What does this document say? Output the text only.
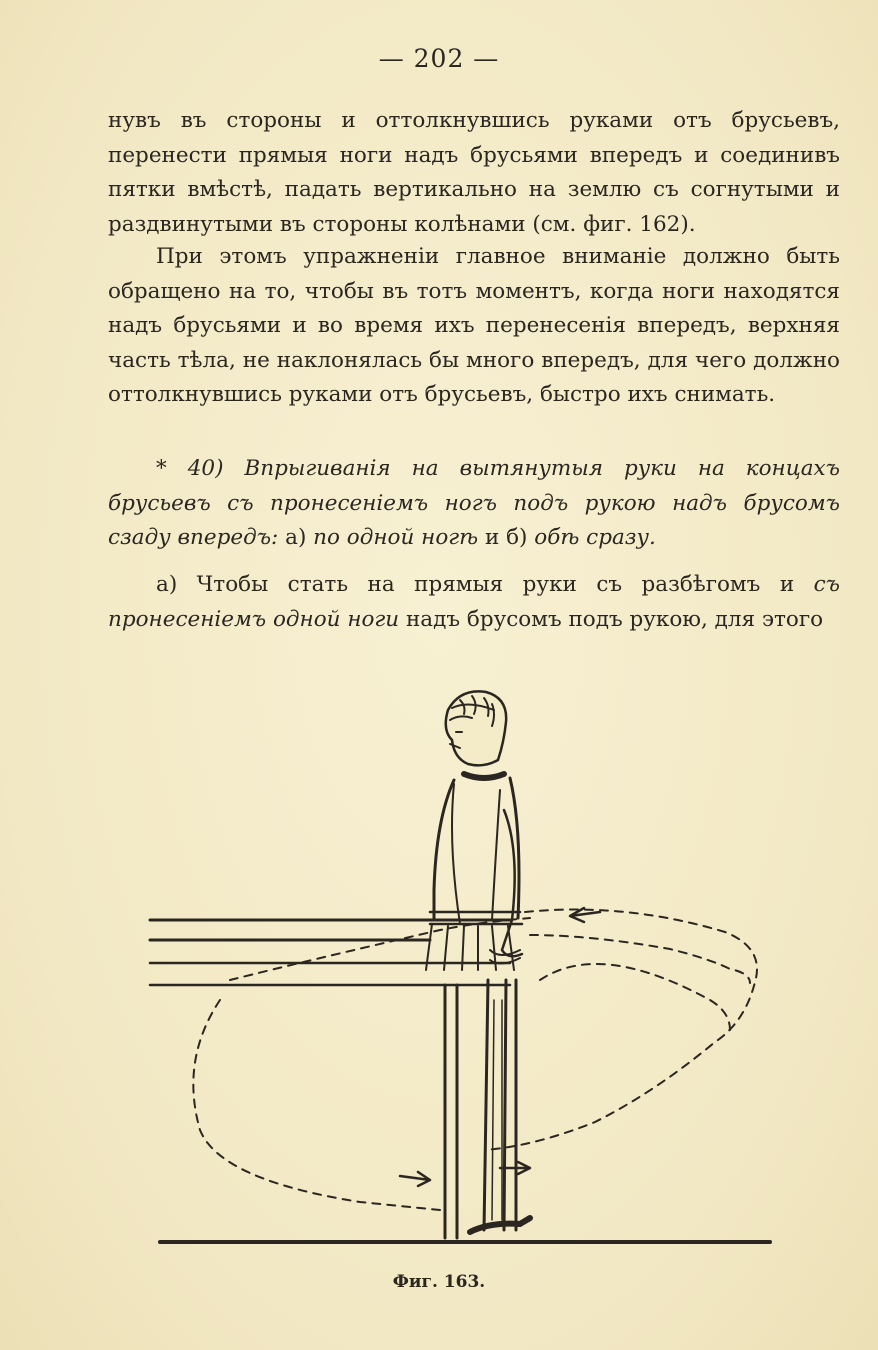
— 202 —

нувъ въ стороны и оттолкнувшись руками отъ брусьевъ, перенести прямыя ноги надъ брусьями впередъ и соединивъ пятки вмѣстѣ, падать вертикально на землю съ согнутыми и раздвинутыми въ стороны колѣнами (см. фиг. 162).

При этомъ упражненіи главное вниманіе должно быть обращено на то, чтобы въ тотъ моментъ, когда ноги находятся надъ брусьями и во время ихъ перенесенія впередъ, верхняя часть тѣла, не наклонялась бы много впередъ, для чего должно оттолкнувшись руками отъ брусьевъ, быстро ихъ снимать.

* 40) Впрыгиванія на вытянутыя руки на концахъ брусьевъ съ пронесеніемъ ногъ подъ рукою надъ брусомъ сзаду впередъ: а) по одной ногѣ и б) обѣ сразу.

а) Чтобы стать на прямыя руки съ разбѣгомъ и съ пронесеніемъ одной ноги надъ брусомъ подъ рукою, для этого

Фиг. 163.
